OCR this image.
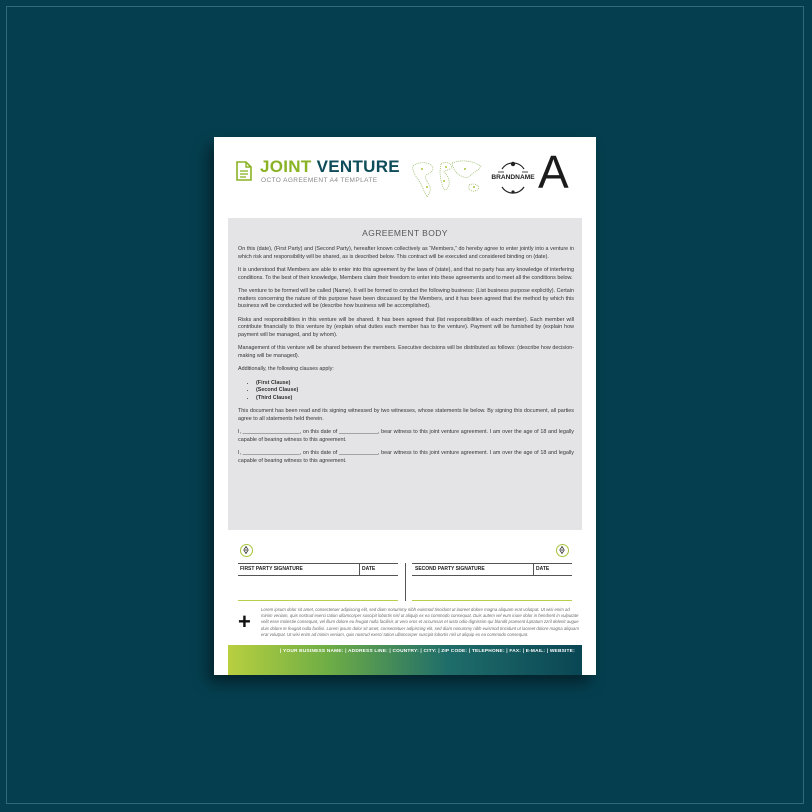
JOINT VENTURE
OCTO AGREEMENT A4 TEMPLATE	BRANDNAME A
AGREEMENT BODY

On this (date), (First Party) and (Second Party), hereafter known collectively as “Members,” do hereby agree to enter jointly into a venture in which risk and responsibility will be shared, as is described below. This contract will be executed and considered binding on (date).

It is understood that Members are able to enter into this agreement by the laws of (state), and that no party has any knowledge of interfering conditions. To the best of their knowledge, Members claim their freedom to enter into these agreements and to meet all the conditions below.

The venture to be formed will be called (Name). It will be formed to conduct the following business: (List business purpose explicitly). Certain matters concerning the nature of this purpose have been discussed by the Members, and it has been agreed that the method by which this business will be conducted will be (describe how business will be accomplished).

Risks and responsibilities in this venture will be shared. It has been agreed that (list responsibilities of each member). Each member will contribute financially to this venture by (explain what duties each member has to the venture). Payment will be furnished by (explain how payment will be managed, and by whom).

Management of this venture will be shared between the members. Executive decisions will be distributed as follows: (describe how decision-making will be managed).

Additionally, the following clauses apply:

• (First Clause)
• (Second Clause)
• (Third Clause)

This document has been read and its signing witnessed by two witnesses, whose statements lie below. By signing this document, all parties agree to all statements held therein.

I, ___________________, on this date of _____________, bear witness to this joint venture agreement. I am over the age of 18 and legally capable of bearing witness to this agreement.

I, ___________________, on this date of _____________, bear witness to this joint venture agreement. I am over the age of 18 and legally capable of bearing witness to this agreement.

FIRST PARTY SIGNATURE	DATE	SECOND PARTY SIGNATURE	DATE
+ Lorem ipsum dolor sit amet, consectetuer adipiscing elit, sed diam nonummy nibh euismod tincidunt ut laoreet dolore magna aliquam erat volutpat. Ut wisi enim ad minim veniam, quis nostrud exerci tation ullamcorper suscipit lobortis nisl ut aliquip ex ea commodo consequat. Duis autem vel eum iriure dolor in hendrerit in vulputate velit esse molestie consequat, vel illum dolore eu feugiat nulla facilisis at vero eros et accumsan et iusto odio dignissim qui blandit praesent luptatum zzril delenit augue duis dolore te feugait nulla facilisi. Lorem ipsum dolor sit amet, consectetuer adipiscing elit, sed diam nonummy nibh euismod tincidunt ut laoreet dolore magna aliquam erat volutpat. Ut wisi enim ad minim veniam, quis nostrud exerci tation ullamcorper suscipit lobortis nisl ut aliquip ex ea commodo consequat.
| YOUR BUSINESS NAME: | ADDRESS LINE: | COUNTRY: | CITY: | ZIP CODE: | TELEPHONE: | FAX: | E-MAIL: | WEBSITE:
